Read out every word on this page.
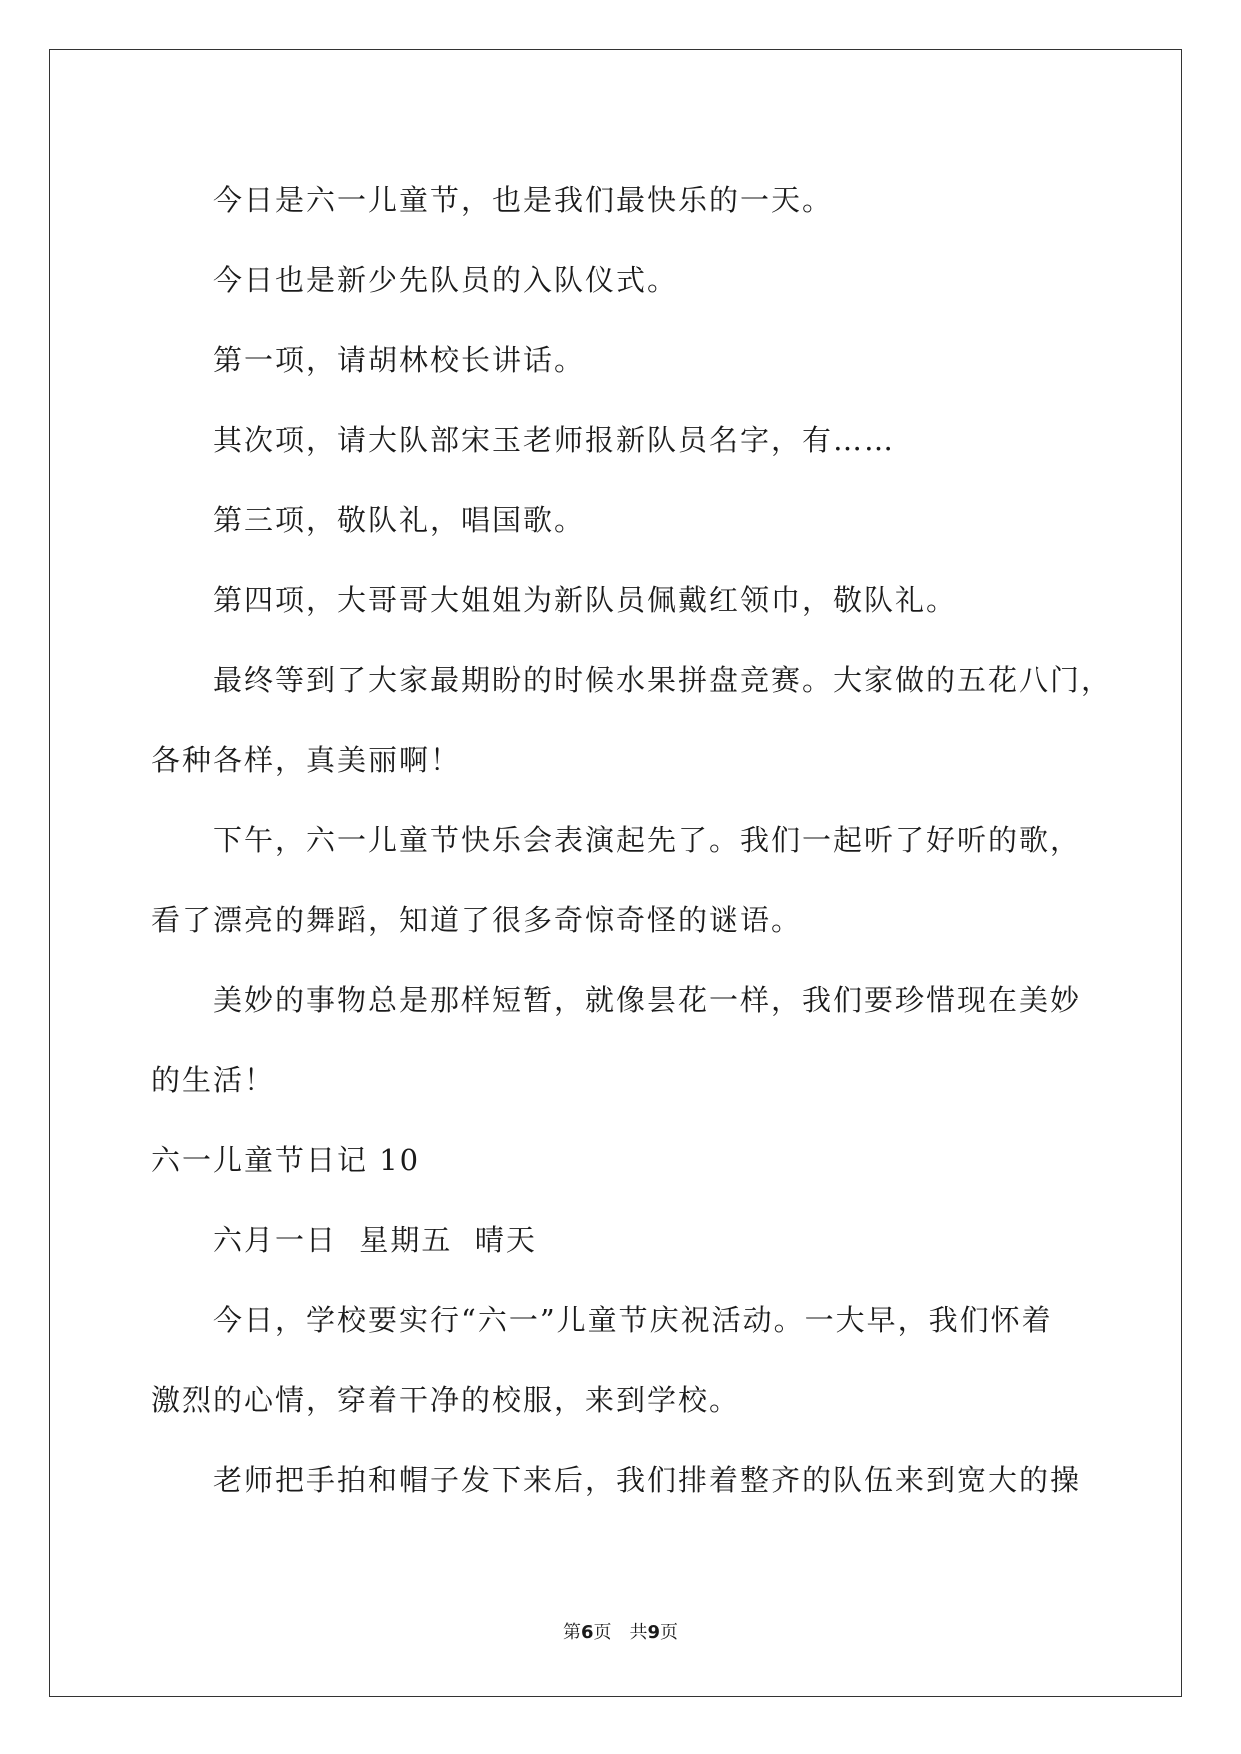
今日是六一儿童节，也是我们最快乐的一天。

今日也是新少先队员的入队仪式。

第一项，请胡林校长讲话。

其次项，请大队部宋玉老师报新队员名字，有……

第三项，敬队礼，唱国歌。

第四项，大哥哥大姐姐为新队员佩戴红领巾，敬队礼。

最终等到了大家最期盼的时候水果拼盘竞赛。大家做的五花八门，

各种各样，真美丽啊！

下午，六一儿童节快乐会表演起先了。我们一起听了好听的歌，

看了漂亮的舞蹈，知道了很多奇惊奇怪的谜语。

美妙的事物总是那样短暂，就像昙花一样，我们要珍惜现在美妙

的生活！

六一儿童节日记 10

六月一日  星期五  晴天

今日，学校要实行“六一”儿童节庆祝活动。一大早，我们怀着

激烈的心情，穿着干净的校服，来到学校。

老师把手拍和帽子发下来后，我们排着整齐的队伍来到宽大的操

第6页 共9页
